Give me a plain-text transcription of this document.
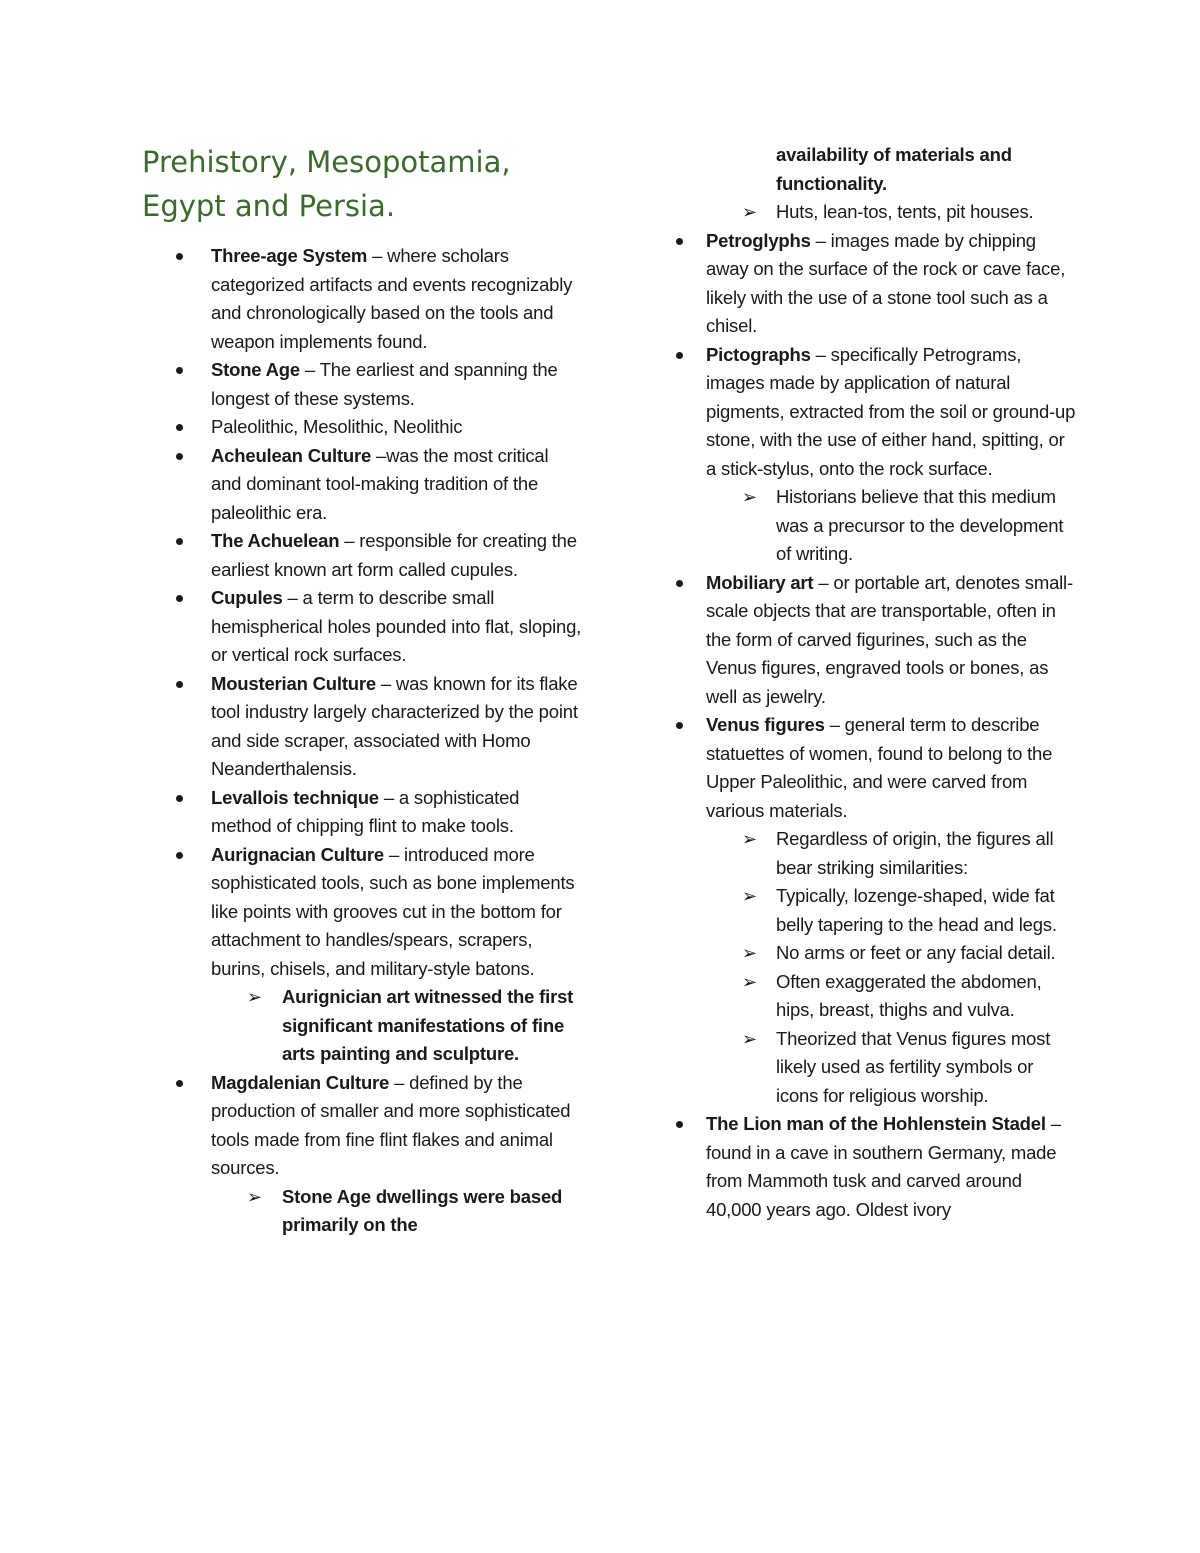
Prehistory, Mesopotamia, Egypt and Persia.
Three-age System – where scholars categorized artifacts and events recognizably and chronologically based on the tools and weapon implements found.
Stone Age – The earliest and spanning the longest of these systems.
Paleolithic, Mesolithic, Neolithic
Acheulean Culture –was the most critical and dominant tool-making tradition of the paleolithic era.
The Achuelean – responsible for creating the earliest known art form called cupules.
Cupules – a term to describe small hemispherical holes pounded into flat, sloping, or vertical rock surfaces.
Mousterian Culture – was known for its flake tool industry largely characterized by the point and side scraper, associated with Homo Neanderthalensis.
Levallois technique – a sophisticated method of chipping flint to make tools.
Aurignacian Culture – introduced more sophisticated tools, such as bone implements like points with grooves cut in the bottom for attachment to handles/spears, scrapers, burins, chisels, and military-style batons.
➢ Aurignician art witnessed the first significant manifestations of fine arts painting and sculpture.
Magdalenian Culture – defined by the production of smaller and more sophisticated tools made from fine flint flakes and animal sources.
➢ Stone Age dwellings were based primarily on the
availability of materials and functionality.
➢ Huts, lean-tos, tents, pit houses.
Petroglyphs – images made by chipping away on the surface of the rock or cave face, likely with the use of a stone tool such as a chisel.
Pictographs – specifically Petrograms, images made by application of natural pigments, extracted from the soil or ground-up stone, with the use of either hand, spitting, or a stick-stylus, onto the rock surface.
➢ Historians believe that this medium was a precursor to the development of writing.
Mobiliary art – or portable art, denotes small-scale objects that are transportable, often in the form of carved figurines, such as the Venus figures, engraved tools or bones, as well as jewelry.
Venus figures – general term to describe statuettes of women, found to belong to the Upper Paleolithic, and were carved from various materials.
➢ Regardless of origin, the figures all bear striking similarities:
➢ Typically, lozenge-shaped, wide fat belly tapering to the head and legs.
➢ No arms or feet or any facial detail.
➢ Often exaggerated the abdomen, hips, breast, thighs and vulva.
➢ Theorized that Venus figures most likely used as fertility symbols or icons for religious worship.
The Lion man of the Hohlenstein Stadel – found in a cave in southern Germany, made from Mammoth tusk and carved around 40,000 years ago. Oldest ivory
